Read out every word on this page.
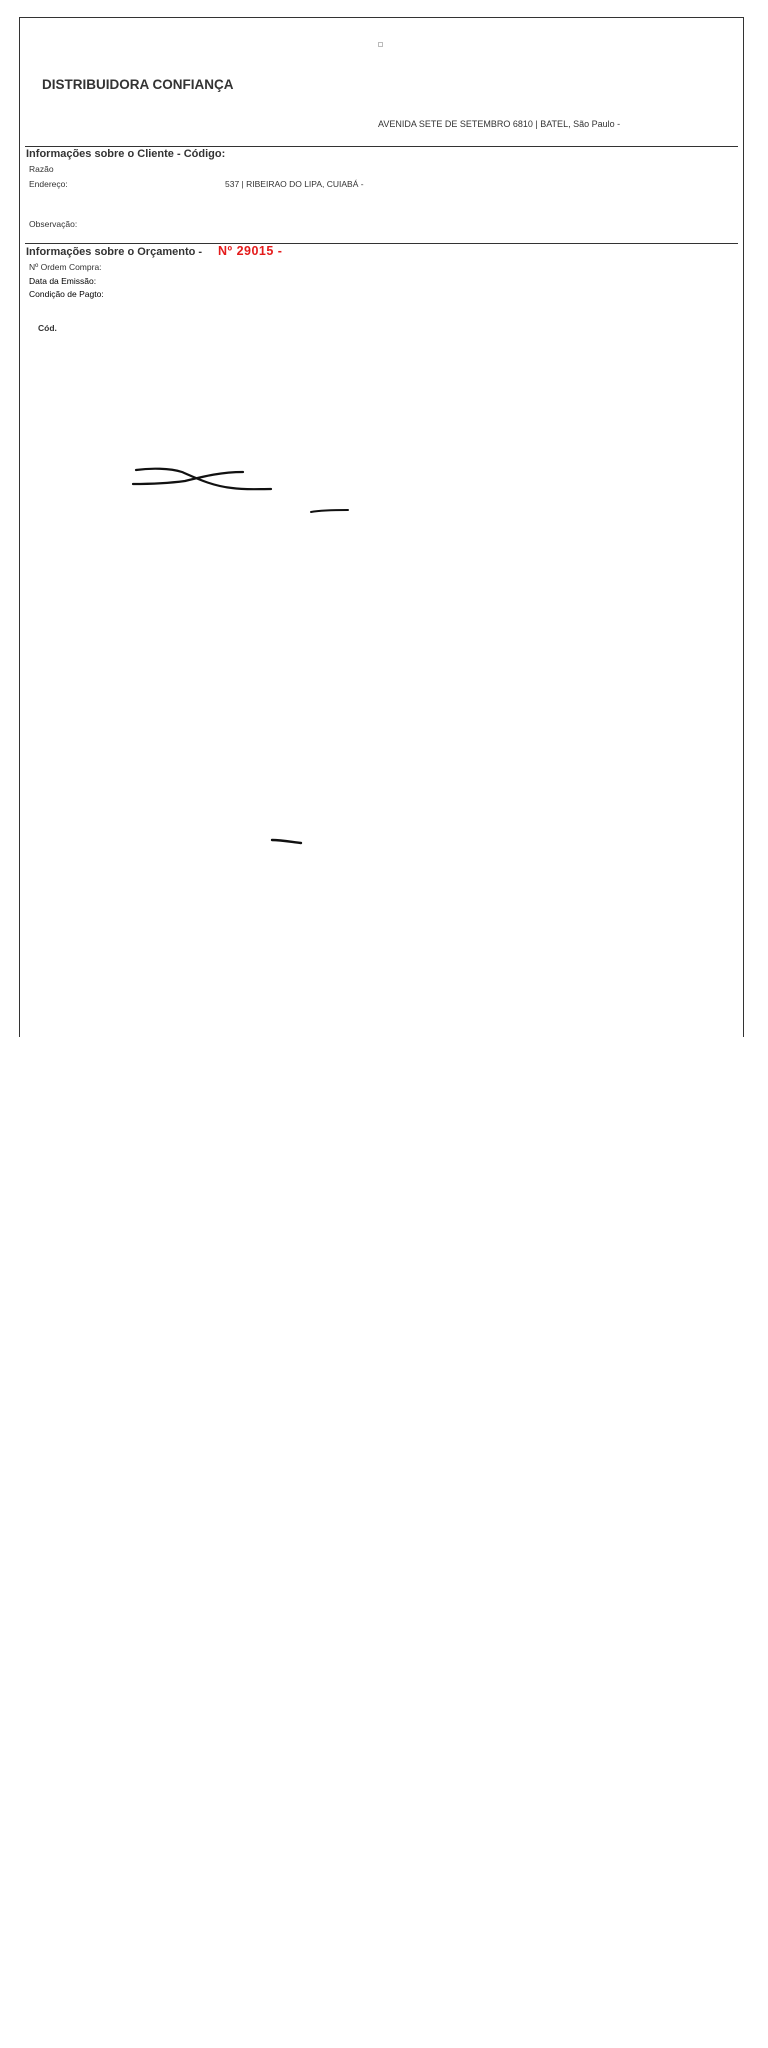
DISTRIBUIDORA CONFIANÇA
AVENIDA SETE DE SETEMBRO 6810 | BATEL, São Paulo -
Informações sobre o Cliente - Código:
Razão
Endereço:	537 | RIBEIRAO DO LIPA, CUIABÁ -
Observação:
Informações sobre o Orçamento - Nº 29015 -
Nº Ordem Compra:
Data da Emissão:
Condição de Pagto:
Cód.
